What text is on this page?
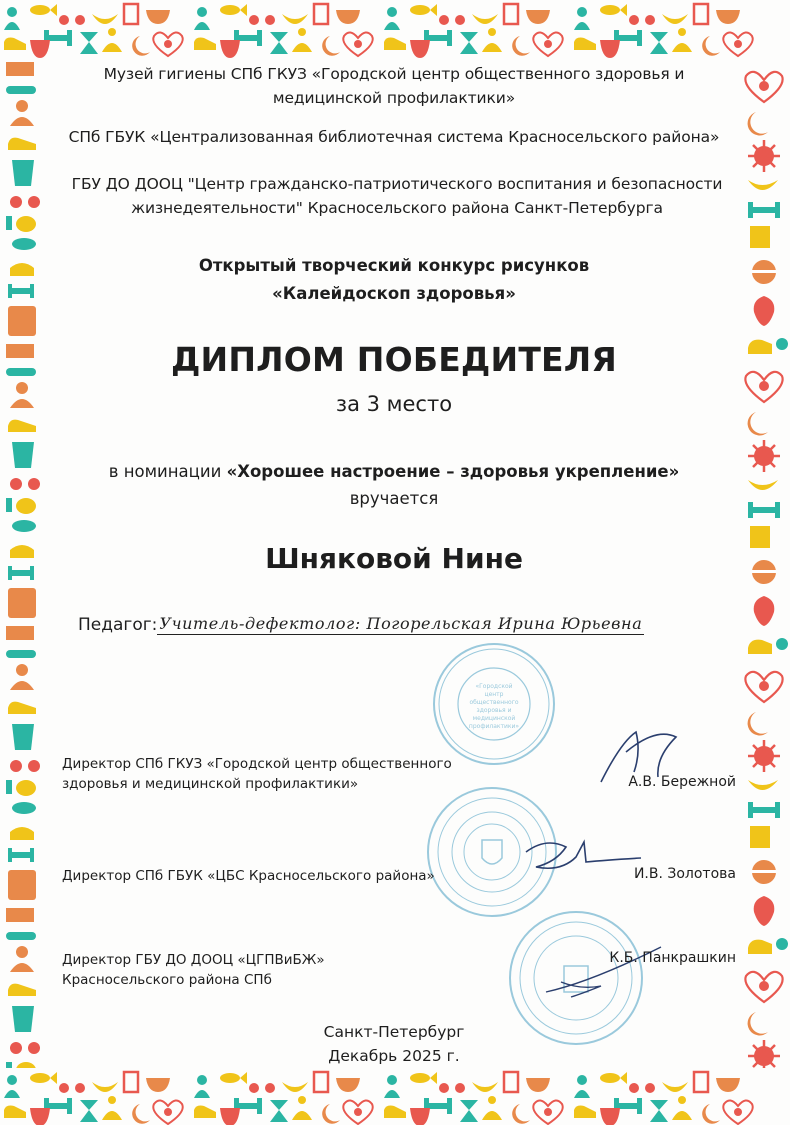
Музей гигиены СПб ГКУЗ «Городской центр общественного здоровья и
медицинской профилактики»
СПб ГБУК «Централизованная библиотечная система Красносельского района»
ГБУ ДО ДООЦ "Центр гражданско-патриотического воспитания и безопасности
жизнедеятельности" Красносельского района Санкт-Петербурга
Открытый творческий конкурс рисунков
«Калейдоскоп здоровья»
ДИПЛОМ ПОБЕДИТЕЛЯ
за 3 место
в номинации «Хорошее настроение – здоровья укрепление»
вручается
Шняковой Нине
Педагог: Учитель-дефектолог: Погорельская Ирина Юрьевна
«Городской
центр
общественного
здоровья и
медицинской
профилактики»
Директор СПб ГКУЗ «Городской центр общественного
здоровья и медицинской профилактики»	А.В. Бережной
Директор СПб ГБУК «ЦБС Красносельского района»	И.В. Золотова
Директор ГБУ ДО ДООЦ «ЦГПВиБЖ»
Красносельского района СПб
К.Б. Панкрашкин
Санкт-Петербург
Декабрь 2025 г.
